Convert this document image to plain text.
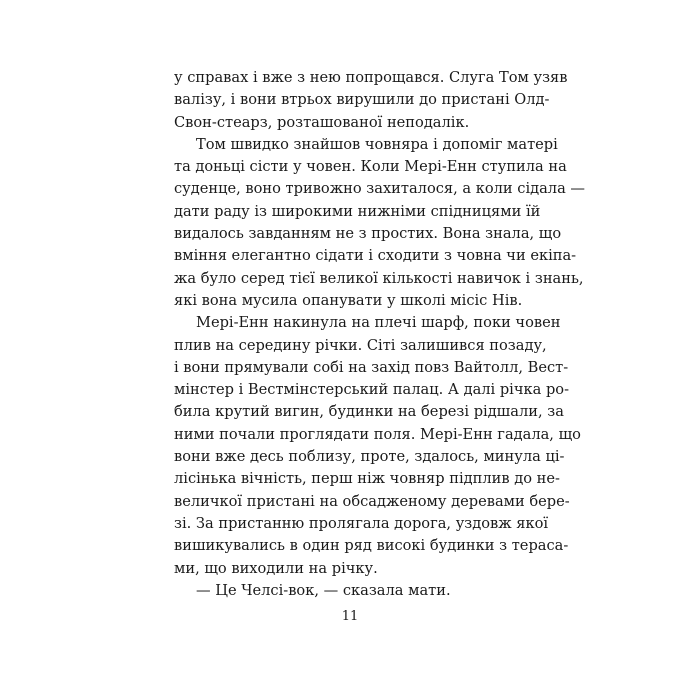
у справах і вже з нею попрощався. Слуга Том узяв
валізу, і вони втрьох вирушили до пристані Олд-
Свон-стеарз, розташованої неподалік.
Том швидко знайшов човняра і допоміг матері
та доньці сісти у човен. Коли Мері-Енн ступила на
суденце, воно тривожно захиталося, а коли сідала —
дати раду із широкими нижніми спідницями їй
видалось завданням не з простих. Вона знала, що
вміння елегантно сідати і сходити з човна чи екіпа-
жа було серед тієї великої кількості навичок і знань,
які вона мусила опанувати у школі місіс Нів.
Мері-Енн накинула на плечі шарф, поки човен
плив на середину річки. Сіті залишився позаду,
і вони прямували собі на захід повз Вайтолл, Вест-
мінстер і Вестмінстерський палац. А далі річка ро-
била крутий вигин, будинки на березі рідшали, за
ними почали проглядати поля. Мері-Енн гадала, що
вони вже десь поблизу, проте, здалось, минула ці-
лісінька вічність, перш ніж човняр підплив до не-
величкої пристані на обсадженому деревами бере-
зі. За пристанню пролягала дорога, уздовж якої
вишикувались в один ряд високі будинки з тераса-
ми, що виходили на річку.
— Це Челсі-вок, — сказала мати.
11
